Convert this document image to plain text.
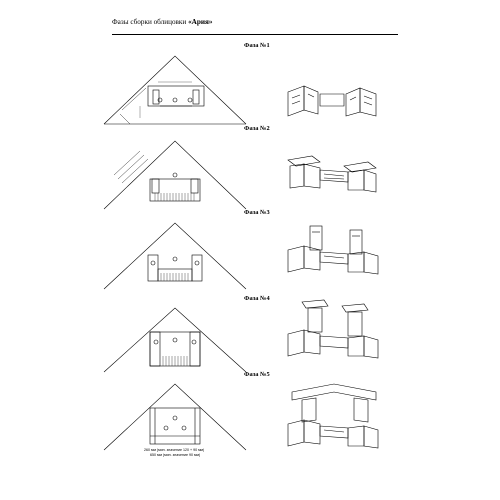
Фазы сборки облицовки «Ария»
Фаза №1
Фаза №2
Фаза №3
Фаза №4
Фаза №5
260 мм (мин. значение 120 + 90 мм)
650 мм (мин. значение 90 мм)
